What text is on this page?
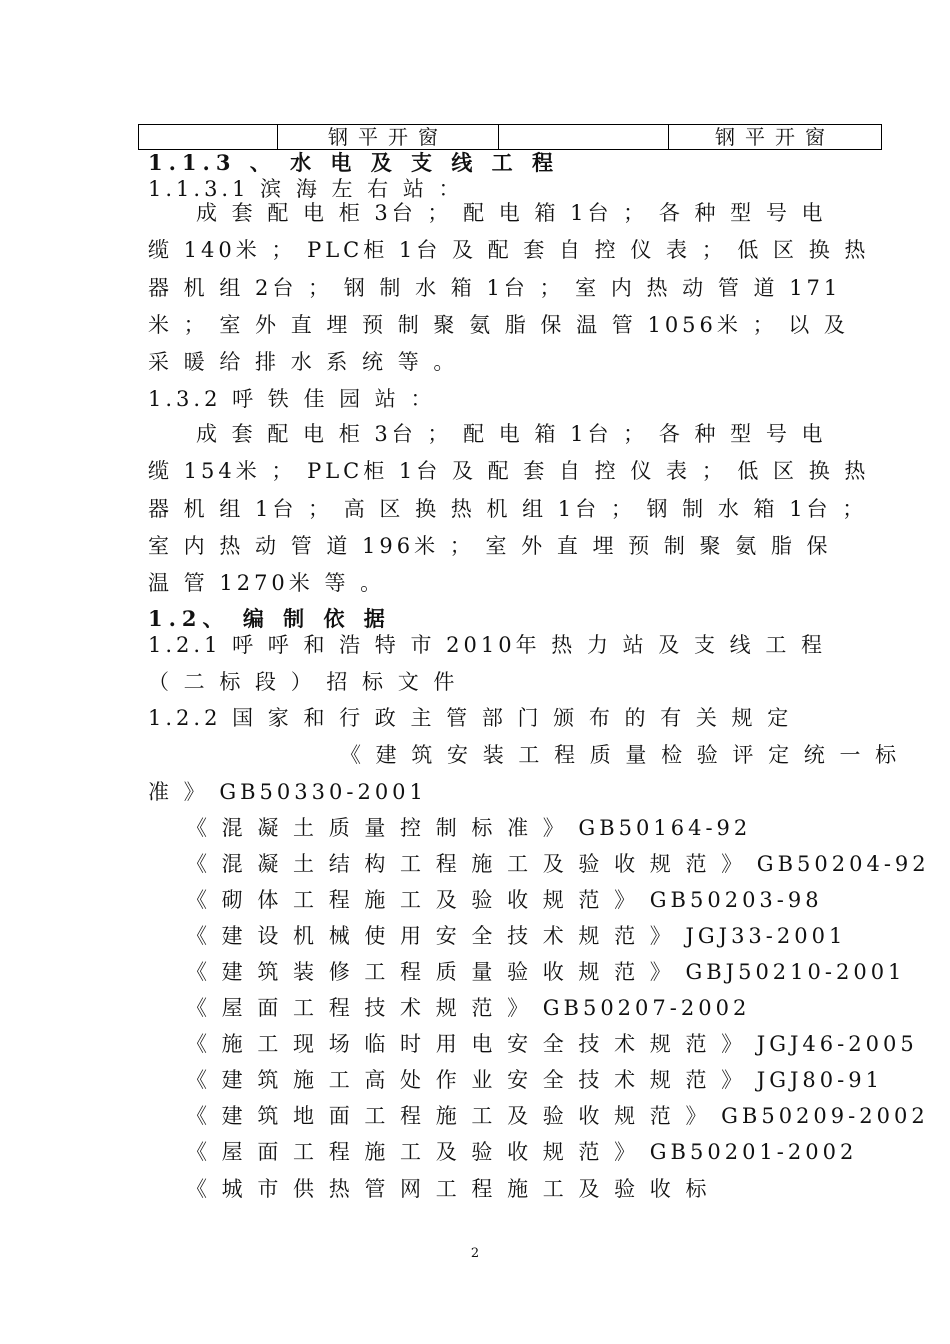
	钢平开窗		钢平开窗
1.1.3 、 水 电 及 支 线 工 程
1.1.3.1 滨 海 左 右 站 ：
成 套 配 电 柜 3台 ； 配 电 箱 1台 ； 各 种 型 号 电
缆 140米 ； PLC柜 1台 及 配 套 自 控 仪 表 ； 低 区 换 热
器 机 组 2台 ； 钢 制 水 箱 1台 ； 室 内 热 动 管 道 171
米 ； 室 外 直 埋 预 制 聚 氨 脂 保 温 管 1056米 ； 以 及
采 暖 给 排 水 系 统 等 。
1.3.2 呼 铁 佳 园 站 ：
成 套 配 电 柜 3台 ； 配 电 箱 1台 ； 各 种 型 号 电
缆 154米 ； PLC柜 1台 及 配 套 自 控 仪 表 ； 低 区 换 热
器 机 组 1台 ； 高 区 换 热 机 组 1台 ； 钢 制 水 箱 1台 ；
室 内 热 动 管 道 196米 ； 室 外 直 埋 预 制 聚 氨 脂 保
温 管 1270米 等 。
1.2、 编 制 依 据
1.2.1 呼 呼 和 浩 特 市 2010年 热 力 站 及 支 线 工 程
（ 二 标 段 ） 招 标 文 件
1.2.2 国 家 和 行 政 主 管 部 门 颁 布 的 有 关 规 定
《 建 筑 安 装 工 程 质 量 检 验 评 定 统 一 标
准 》 GB50330-2001
《 混 凝 土 质 量 控 制 标 准 》 GB50164-92
《 混 凝 土 结 构 工 程 施 工 及 验 收 规 范 》 GB50204-92
《 砌 体 工 程 施 工 及 验 收 规 范 》 GB50203-98
《 建 设 机 械 使 用 安 全 技 术 规 范 》 JGJ33-2001
《 建 筑 装 修 工 程 质 量 验 收 规 范 》 GBJ50210-2001
《 屋 面 工 程 技 术 规 范 》 GB50207-2002
《 施 工 现 场 临 时 用 电 安 全 技 术 规 范 》 JGJ46-2005
《 建 筑 施 工 高 处 作 业 安 全 技 术 规 范 》 JGJ80-91
《 建 筑 地 面 工 程 施 工 及 验 收 规 范 》 GB50209-2002
《 屋 面 工 程 施 工 及 验 收 规 范 》 GB50201-2002
《 城 市 供 热 管 网 工 程 施 工 及 验 收 标
2
